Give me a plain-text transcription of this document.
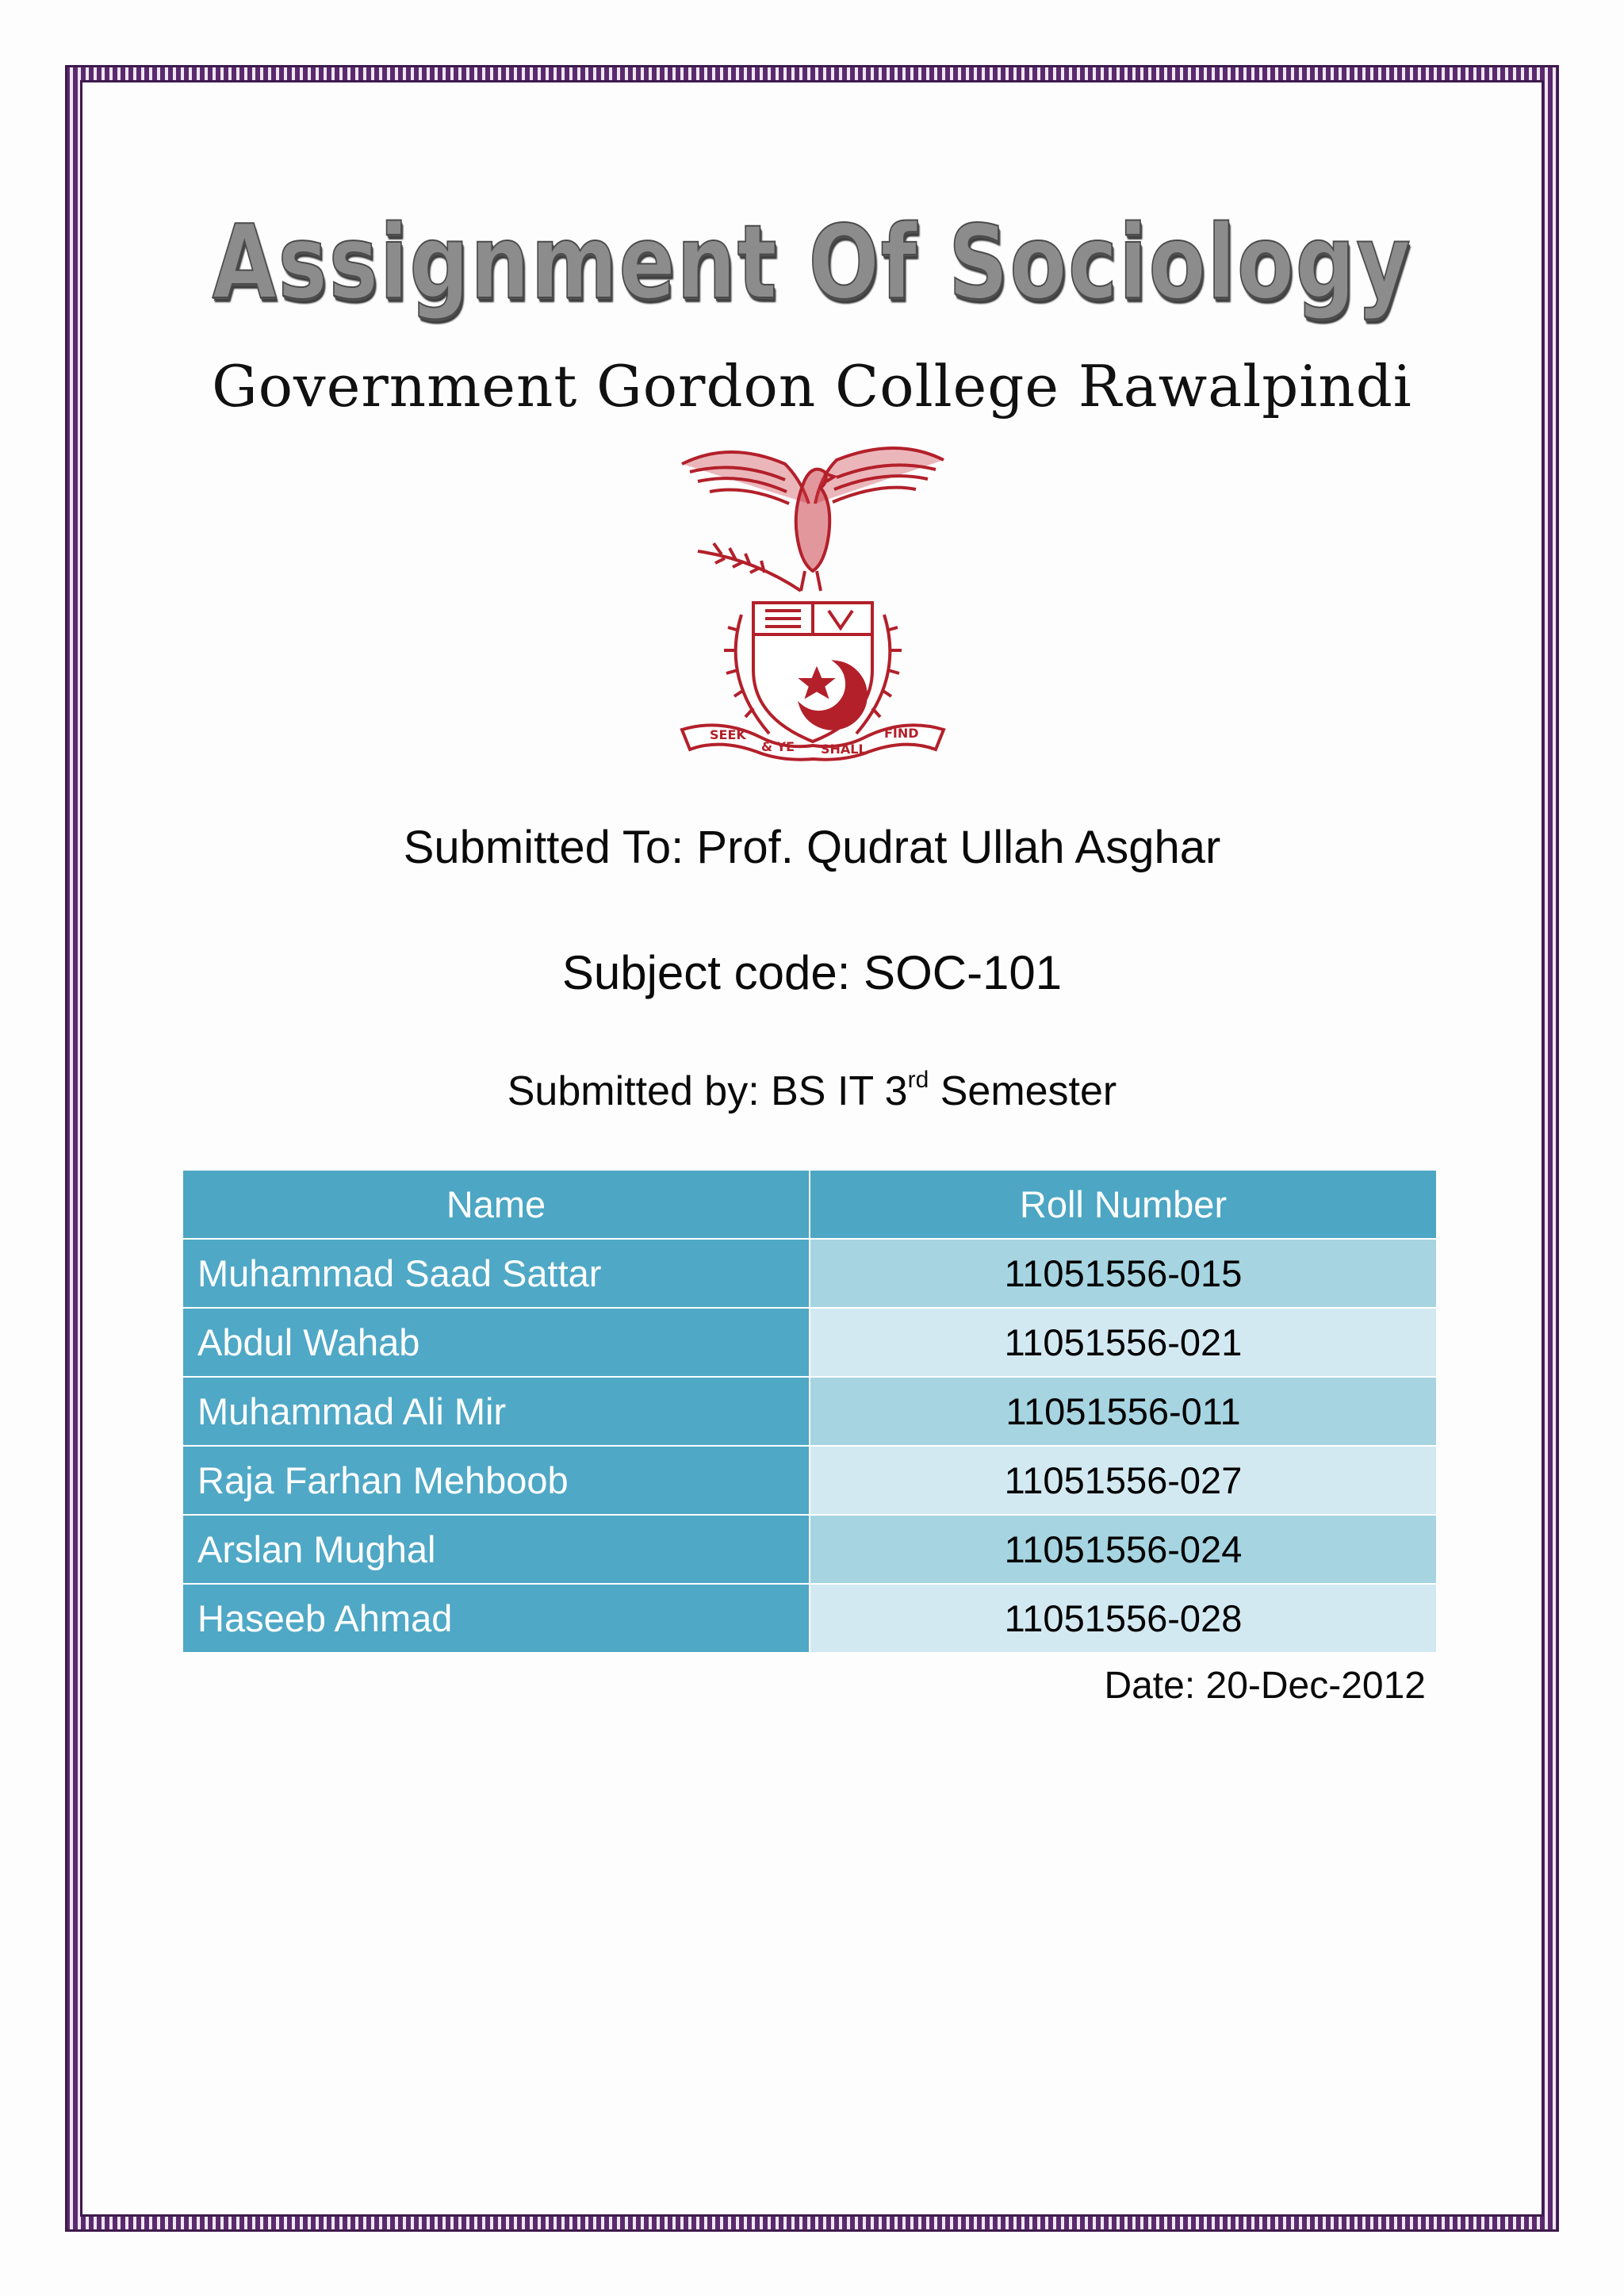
Assignment Of Sociology
Government Gordon College Rawalpindi
SEEK
& YE SHALL
FIND
Submitted To: Prof. Qudrat Ullah Asghar
Subject code: SOC-101
Submitted by: BS IT 3rd Semester
Name	Roll Number
Muhammad Saad Sattar	11051556-015
Abdul Wahab	11051556-021
Muhammad Ali Mir	11051556-011
Raja Farhan Mehboob	11051556-027
Arslan Mughal	11051556-024
Haseeb Ahmad	11051556-028
Date: 20-Dec-2012
